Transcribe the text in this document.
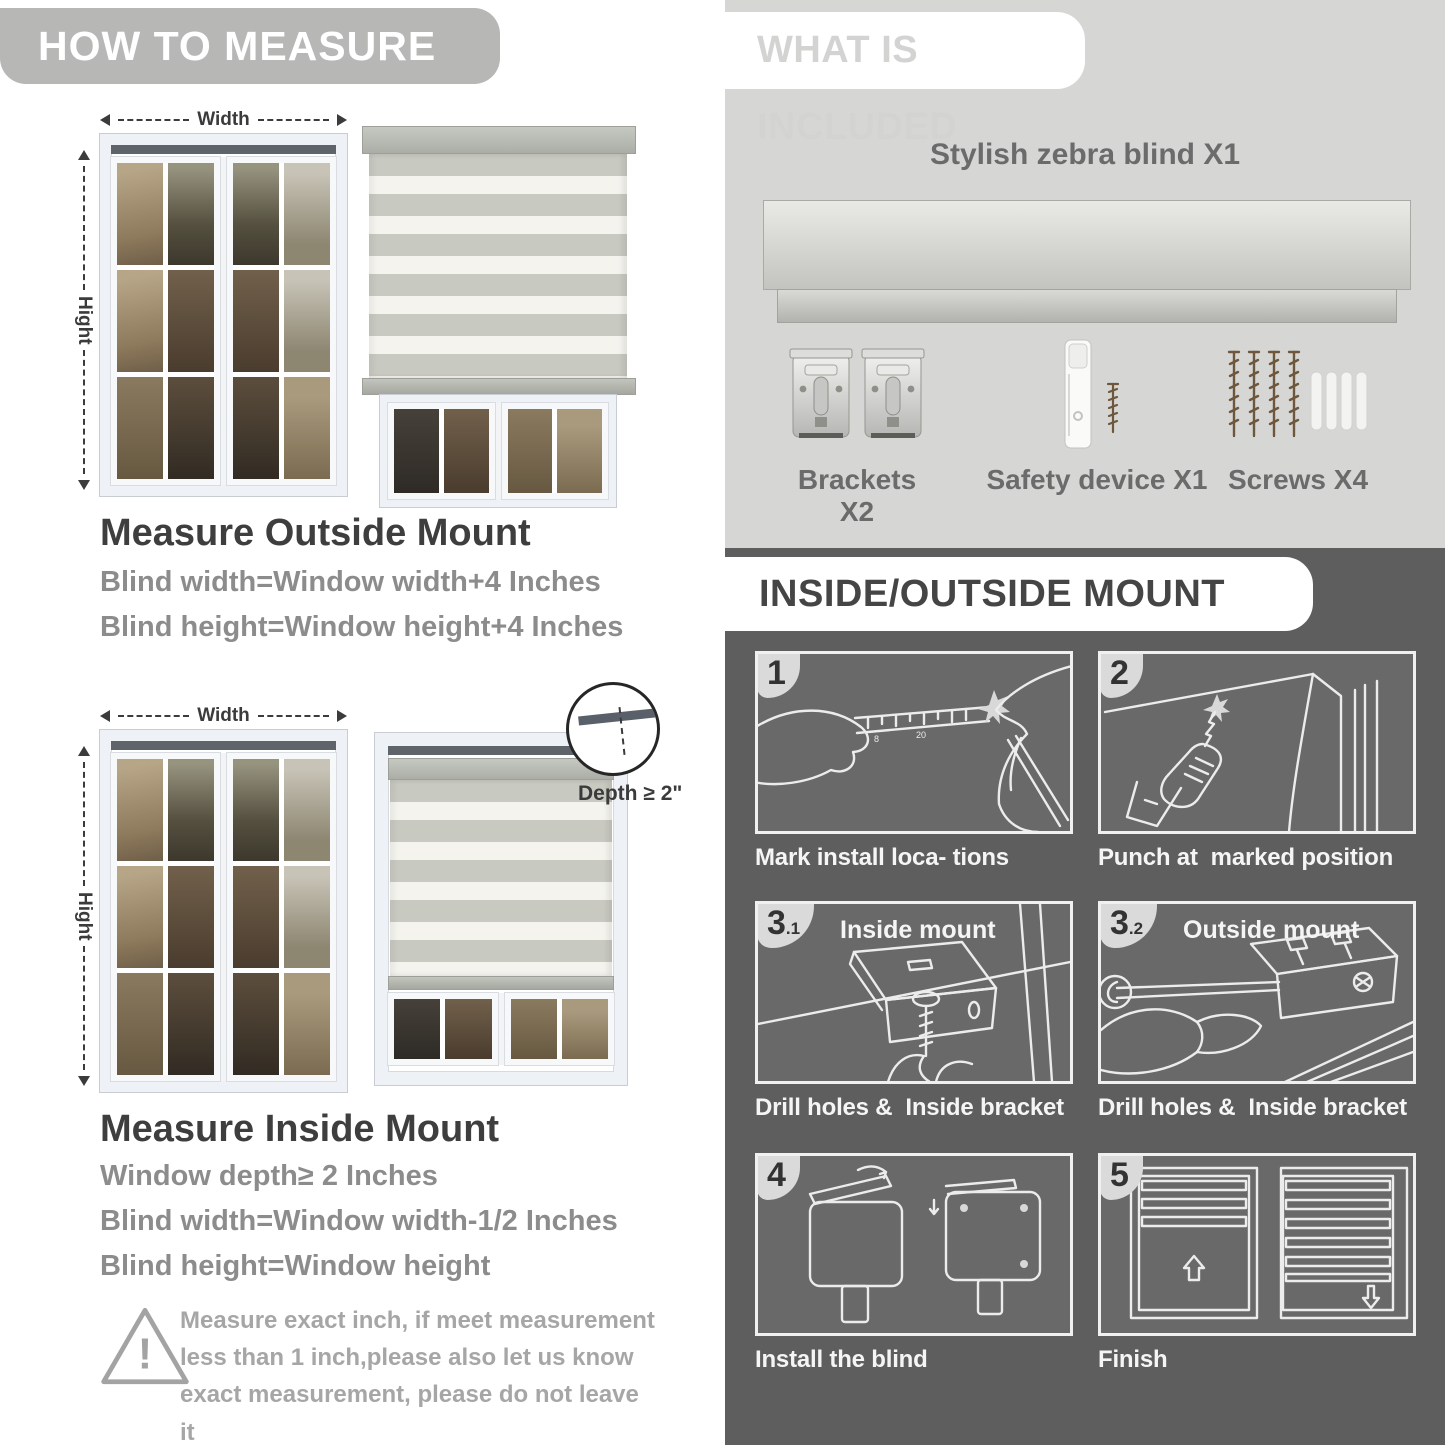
HOW TO MEASURE
Width
Hight
Measure Outside Mount
Blind width=Window width+4 Inches
Blind height=Window height+4 Inches
Width
Hight
Depth ≥ 2"
Measure Inside Mount
Window depth≥ 2 Inches
Blind width=Window width-1/2 Inches
Blind height=Window height
!
Measure exact inch, if meet measurement less than 1 inch,please also let us know exact measurement, please do not leave it
WHAT IS INCLUDED
Stylish zebra blind X1
Brackets X2
Safety device X1 Screws X4
INSIDE/OUTSIDE MOUNT
8	20
1
Mark install loca- tions
2
Punch at  marked position
3 .1 Inside mount
Drill holes &  Inside bracket
3 .2 Outside mount
Drill holes &  Inside bracket
4
Install the blind
5
Finish
